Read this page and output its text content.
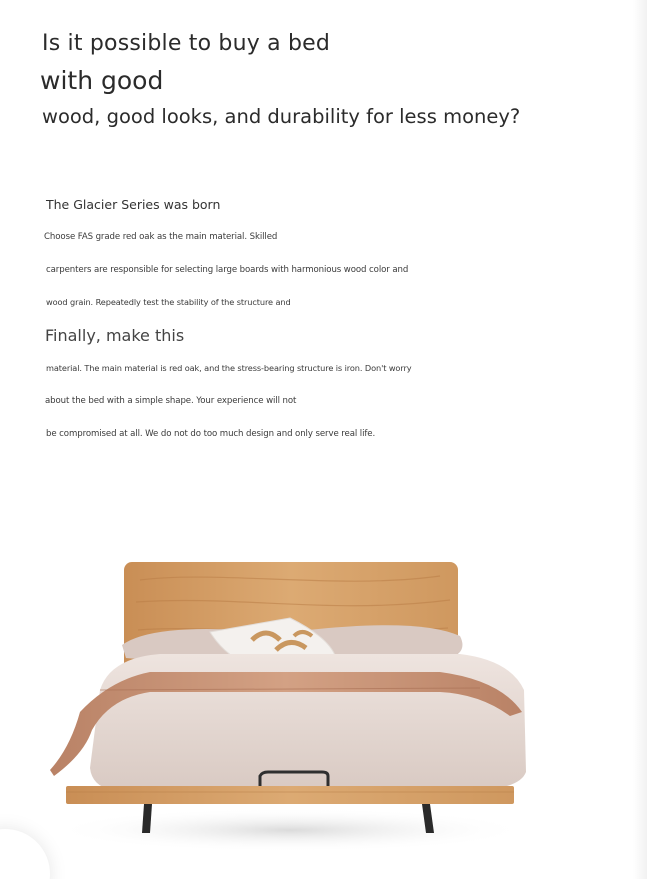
Is it possible to buy a bed

with good

wood, good looks, and durability for less money?

The Glacier Series was born

Choose FAS grade red oak as the main material. Skilled

carpenters are responsible for selecting large boards with harmonious wood color and

wood grain. Repeatedly test the stability of the structure and

Finally, make this

material. The main material is red oak, and the stress-bearing structure is iron. Don't worry

about the bed with a simple shape. Your experience will not

be compromised at all. We do not do too much design and only serve real life.
